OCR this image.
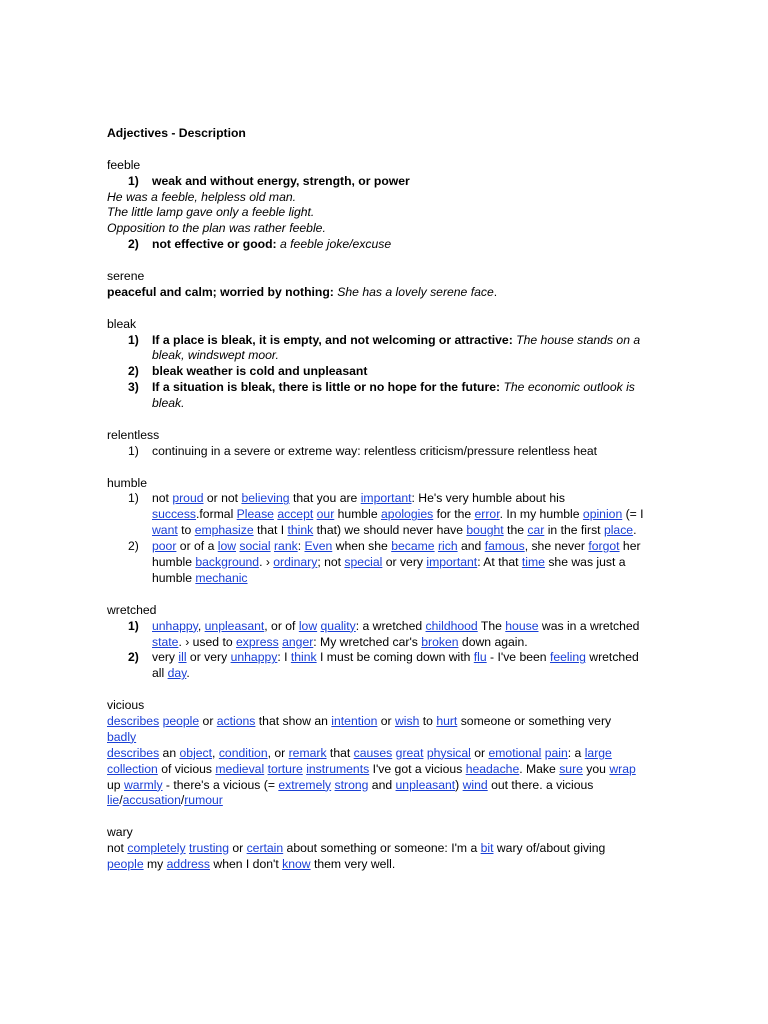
Adjectives - Description
feeble
1) weak and without energy, strength, or power
He was a feeble, helpless old man.
The little lamp gave only a feeble light.
Opposition to the plan was rather feeble.
2) not effective or good: a feeble joke/excuse
serene
peaceful and calm; worried by nothing: She has a lovely serene face.
bleak
1) If a place is bleak, it is empty, and not welcoming or attractive: The house stands on a
bleak, windswept moor.
2) bleak weather is cold and unpleasant
3) If a situation is bleak, there is little or no hope for the future: The economic outlook is
bleak.
relentless
1) continuing in a severe or extreme way: relentless criticism/pressure relentless heat
humble
1) not proud or not believing that you are important: He's very humble about his
success.formal Please accept our humble apologies for the error. In my humble opinion (= I
want to emphasize that I think that) we should never have bought the car in the first place.
2) poor or of a low social rank: Even when she became rich and famous, she never forgot her
humble background. › ordinary; not special or very important: At that time she was just a
humble mechanic
wretched
1) unhappy, unpleasant, or of low quality: a wretched childhood The house was in a wretched
state. › used to express anger: My wretched car's broken down again.
2) very ill or very unhappy: I think I must be coming down with flu - I've been feeling wretched
all day.
vicious
describes people or actions that show an intention or wish to hurt someone or something very
badly
describes an object, condition, or remark that causes great physical or emotional pain: a large
collection of vicious medieval torture instruments I've got a vicious headache. Make sure you wrap
up warmly - there's a vicious (= extremely strong and unpleasant) wind out there. a vicious
lie/accusation/rumour
wary
not completely trusting or certain about something or someone: I'm a bit wary of/about giving
people my address when I don't know them very well.
